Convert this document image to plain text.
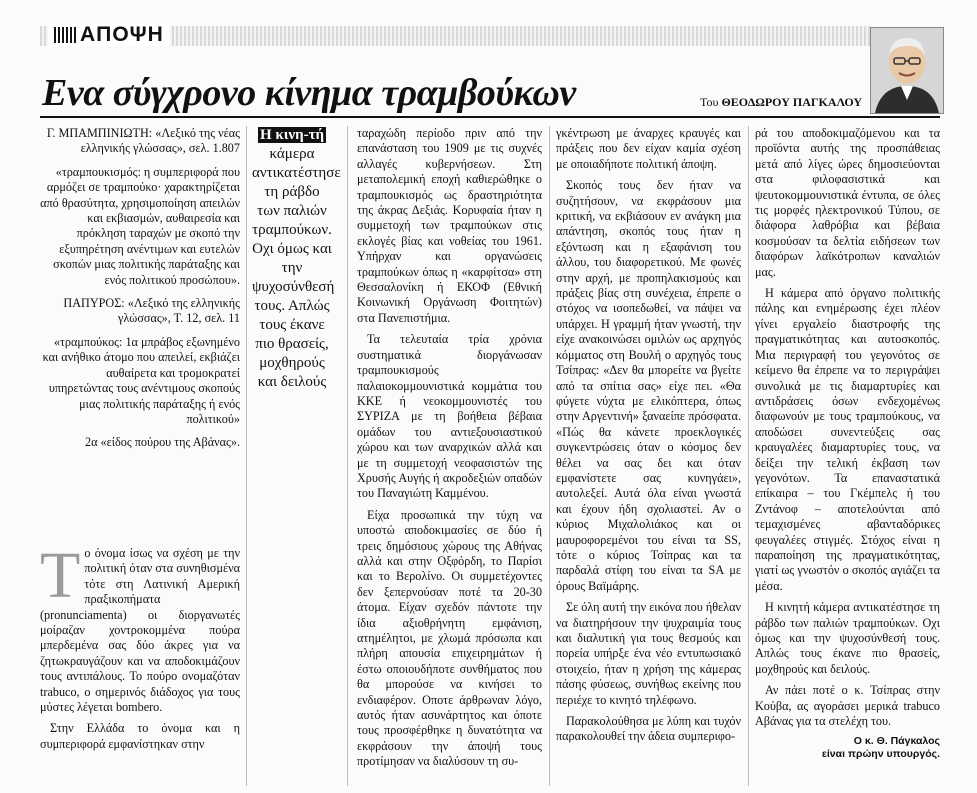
ΑΠΟΨΗ
Ενα σύγχρονο κίνημα τραμβούκων	Του ΘΕΟΔΩΡΟΥ ΠΑΓΚΑΛΟΥ

Γ. ΜΠΑΜΠΙΝΙΩΤΗ: «Λεξικό της νέας ελληνικής γλώσσας», σελ. 1.807

«τραμπουκισμός: η συμπεριφορά που αρμόζει σε τραμπούκο· χαρακτηρίζεται από θρασύτητα, χρησιμοποίηση απειλών και εκβιασμών, αυθαιρεσία και πρόκληση ταραχών με σκοπό την εξυπηρέτηση ανέντιμων και ευτελών σκοπών μιας πολιτικής παράταξης και ενός πολιτικού προσώπου».

ΠΑΠΥΡΟΣ: «Λεξικό της ελληνικής γλώσσας», Τ. 12, σελ. 11

«τραμπούκος: 1α μπράβος εξωνημένο και ανήθικο άτομο που απειλεί, εκβιάζει αυθαίρετα και τρομοκρατεί υπηρετώντας τους ανέντιμους σκοπούς μιας πολιτικής παράταξης ή ενός πολιτικού»

2α «είδος πούρου της Αβάνας».

Το όνομα ίσως να σχέση με την πολιτική όταν στα συνηθισμένα τότε στη Λατινική Αμερική πραξικοπήματα (pronunciamenta) οι διοργανωτές μοίραζαν χοντροκομμένα πούρα μπερδεμένα σας δύο άκρες για να ζητωκραυγάζουν και να αποδοκιμάζουν τους αντιπάλους. Το πούρο ονομαζόταν trabuco, ο σημερινός διάδοχος για τους μύστες λέγεται bombero.

Στην Ελλάδα το όνομα και η συμπεριφορά εμφανίστηκαν στην

Η κινη-τή κάμερα αντικατέστησε τη ράβδο των παλιών τραμπούκων. Οχι όμως και την ψυχοσύνθεσή τους. Απλώς τους έκανε πιο θρασείς, μοχθηρούς και δειλούς

ταραχώδη περίοδο πριν από την επανάσταση του 1909 με τις συχνές αλλαγές κυβερνήσεων. Στη μεταπολεμική εποχή καθιερώθηκε ο τραμπουκισμός ως δραστηριότητα της άκρας Δεξιάς. Κορυφαία ήταν η συμμετοχή των τραμπούκων στις εκλογές βίας και νοθείας του 1961. Υπήρχαν και οργανώσεις τραμπούκων όπως η «καρφίτσα» στη Θεσσαλονίκη ή ΕΚΟΦ (Εθνική Κοινωνική Οργάνωση Φοιτητών) στα Πανεπιστήμια.

Τα τελευταία τρία χρόνια συστηματικά διοργάνωσαν τραμπουκισμούς παλαιοκομμουνιστικά κομμάτια του ΚΚΕ ή νεοκομμουνιστές του ΣΥΡΙΖΑ με τη βοήθεια βέβαια ομάδων του αντιεξουσιαστικού χώρου και των αναρχικών αλλά και με τη συμμετοχή νεοφασιστών της Χρυσής Αυγής ή ακροδεξιών οπαδών του Παναγιώτη Καμμένου.

Είχα προσωπικά την τύχη να υποστώ αποδοκιμασίες σε δύο ή τρεις δημόσιους χώρους της Αθήνας αλλά και στην Οξφόρδη, το Παρίσι και το Βερολίνο. Οι συμμετέχοντες δεν ξεπερνούσαν ποτέ τα 20-30 άτομα. Είχαν σχεδόν πάντοτε την ίδια αξιοθρήνητη εμφάνιση, ατημέλητοι, με χλωμά πρόσωπα και πλήρη απουσία επιχειρημάτων ή έστω οποιουδήποτε συνθήματος που θα μπορούσε να κινήσει το ενδιαφέρον. Οποτε άρθρωναν λόγο, αυτός ήταν ασυνάρτητος και όποτε τους προσφέρθηκε η δυνατότητα να εκφράσουν την άποψή τους προτίμησαν να διαλύσουν τη συ-

γκέντρωση με άναρχες κραυγές και πράξεις που δεν είχαν καμία σχέση με οποιαδήποτε πολιτική άποψη.

Σκοπός τους δεν ήταν να συζητήσουν, να εκφράσουν μια κριτική, να εκβιάσουν εν ανάγκη μια απάντηση, σκοπός τους ήταν η εξόντωση και η εξαφάνιση του άλλου, του διαφορετικού. Με φωνές στην αρχή, με προπηλακισμούς και πράξεις βίας στη συνέχεια, έπρεπε ο στόχος να ισοπεδωθεί, να πάψει να υπάρχει. Η γραμμή ήταν γνωστή, την είχε ανακοινώσει ομιλών ως αρχηγός κόμματος στη Βουλή ο αρχηγός τους Τσίπρας: «Δεν θα μπορείτε να βγείτε από τα σπίτια σας» είχε πει. «Θα φύγετε νύχτα με ελικόπτερα, όπως στην Αργεντινή» ξαναείπε πρόσφατα. «Πώς θα κάνετε προεκλογικές συγκεντρώσεις όταν ο κόσμος δεν θέλει να σας δει και όταν εμφανίστετε σας κυνηγάει», αυτολεξεί. Αυτά όλα είναι γνωστά και έχουν ήδη σχολιαστεί. Αν ο κύριος Μιχαλολιάκος και οι μαυροφορεμένοι του είναι τα SS, τότε ο κύριος Τσίπρας και τα παρδαλά στίφη του είναι τα SA με όρους Βαϊμάρης.

Σε όλη αυτή την εικόνα που ήθελαν να διατηρήσουν την ψυχραιμία τους και διαλυτική για τους θεσμούς και πορεία υπήρξε ένα νέο εντυπωσιακό στοιχείο, ήταν η χρήση της κάμερας πάσης φύσεως, συνήθως εκείνης που περιέχε το κινητό τηλέφωνο.

Παρακολούθησα με λύπη και τυχόν παρακολουθεί την άδεια συμπεριφο-

ρά του αποδοκιμαζόμενου και τα προϊόντα αυτής της προσπάθειας μετά από λίγες ώρες δημοσιεύονται στα φιλοφασιστικά και ψευτοκομμουνιστικά έντυπα, σε όλες τις μορφές ηλεκτρονικού Τύπου, σε διάφορα λαθρόβια και βέβαια κοσμούσαν τα δελτία ειδήσεων των διαφόρων λαϊκότροπων καναλιών μας.

Η κάμερα από όργανο πολιτικής πάλης και ενημέρωσης έχει πλέον γίνει εργαλείο διαστροφής της πραγματικότητας και αυτοσκοπός. Μια περιγραφή του γεγονότος σε κείμενο θα έπρεπε να το περιγράψει συνολικά με τις διαμαρτυρίες και αντιδράσεις όσων ενδεχομένως διαφωνούν με τους τραμπούκους, να αποδώσει συνεντεύξεις σας κραυγαλέες διαμαρτυρίες τους, να δείξει την τελική έκβαση των γεγονότων. Τα επαναστατικά επίκαιρα – του Γκέμπελς ή του Ζντάνοφ – αποτελούνται από τεμαχισμένες αβανταδόρικες φευγαλέες στιγμές. Στόχος είναι η παραποίηση της πραγματικότητας, γιατί ως γνωστόν ο σκοπός αγιάζει τα μέσα.

Η κινητή κάμερα αντικατέστησε τη ράβδο των παλιών τραμπούκων. Οχι όμως και την ψυχοσύνθεσή τους. Απλώς τους έκανε πιο θρασείς, μοχθηρούς και δειλούς.

Αν πάει ποτέ ο κ. Τσίπρας στην Κούβα, ας αγοράσει μερικά trabuco Αβάνας για τα στελέχη του.

Ο κ. Θ. Πάγκαλος
είναι πρώην υπουργός.
